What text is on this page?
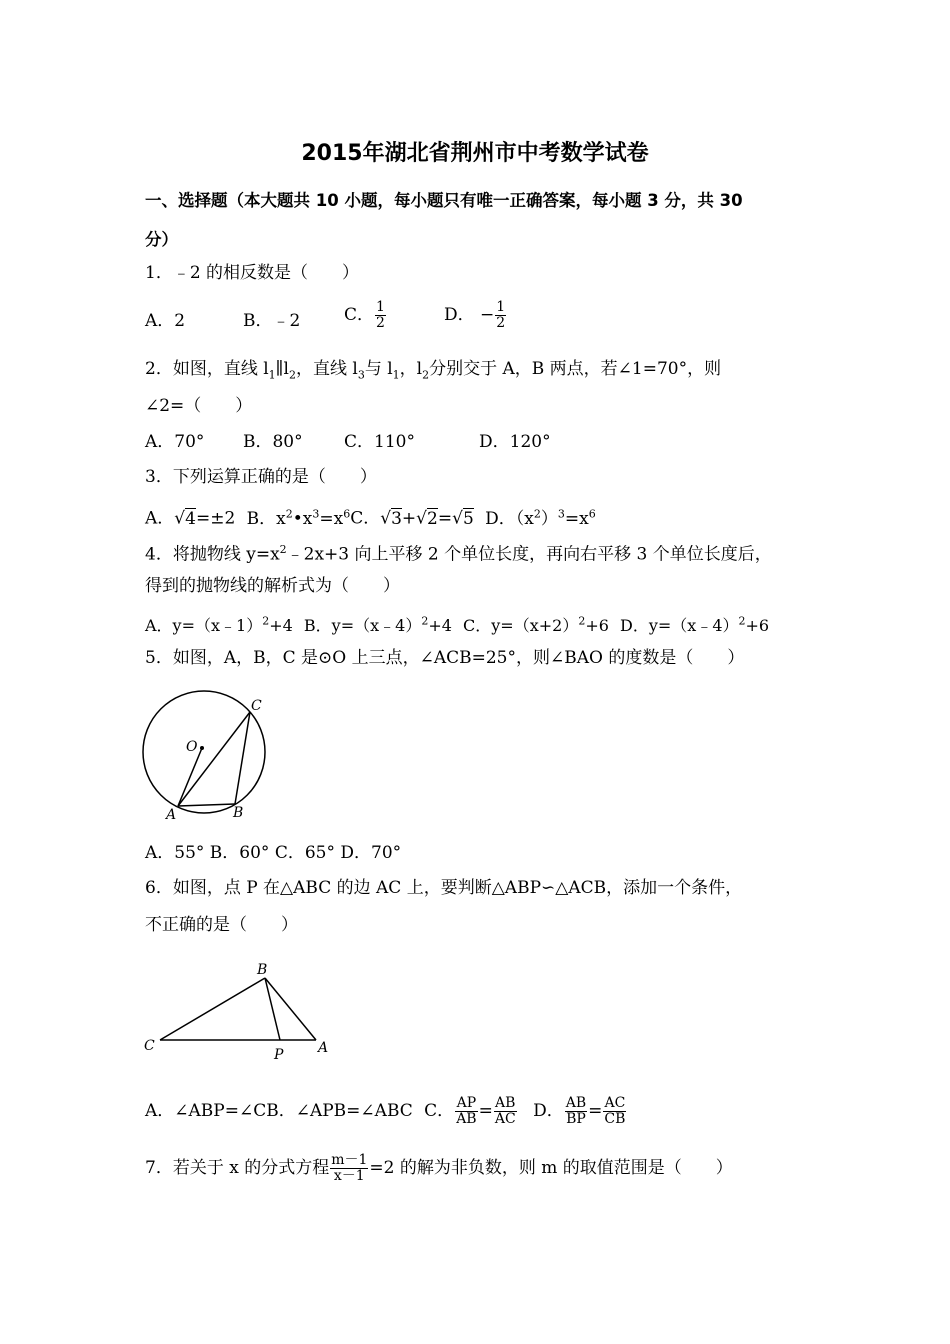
2015年湖北省荆州市中考数学试卷
一、选择题（本大题共 10 小题，每小题只有唯一正确答案，每小题 3 分，共 30
分）
1．﹣2 的相反数是（　　）
A．2	B．﹣2	C． $\frac{1}{2}$	D． − $\frac{1}{2}$
2．如图，直线 $l_1\parallel l_2$，直线 $l_3$与 $l_1$，$l_2$分别交于 A，B 两点，若∠1=70°，则
∠2=（　　）
A．70° B．80° C．110°	D．120°
3．下列运算正确的是（　　）
A．√4=±2 B．$x^2•x^3=x^6C$．√3+√2=√5 D．$(x^2)^3=x^6$
4．将抛物线 $y=x^2﹣2x+3$ 向上平移 2 个单位长度，再向右平移 3 个单位长度后，
得到的抛物线的解析式为（　　）
A．y=（x﹣1）$^2$+4 B．y=（x﹣4）$^2$+4 C．$y=(x+2)^2+6$ D．y=（x﹣4）$^2$+6
5．如图，A，B，C 是⊙O 上三点，∠ACB=25°，则∠BAO 的度数是（　　）
O
A	B
C
A．55° B．60° C．65° D．70°
6．如图，点 P 在△ABC 的边 AC 上，要判断△ABP∽△ACB，添加一个条件，
不正确的是（　　）
B
C
P A
A．∠ABP=∠CB．∠APB=∠ABC C． $\frac{AP}{AB} = \frac{AB}{AC}$ D． $\frac{AB}{BP} = \frac{AC}{CB}$
7．若关于 x 的分式方程 $\frac{m-1}{x-1} =2$ 的解为非负数，则 m 的取值范围是（　　）
